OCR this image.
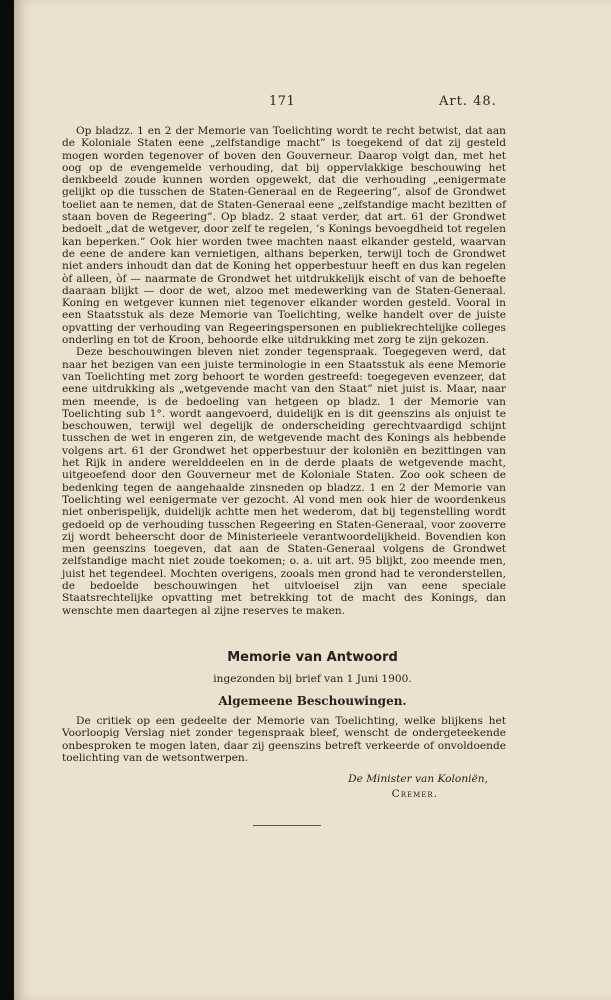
171	Art. 48.

Op bladzz. 1 en 2 der Memorie van Toelichting wordt te recht betwist, dat aan de Koloniale Staten eene „zelfstandige macht” is toegekend of dat zij gesteld mogen worden tegenover of boven den Gouverneur. Daarop volgt dan, met het oog op de evengemelde verhouding, dat bij oppervlakkige beschouwing het denkbeeld zoude kunnen worden opgewekt, dat die verhouding „eenigermate gelijkt op die tusschen de Staten-Generaal en de Regeering”, alsof de Grondwet toeliet aan te nemen, dat de Staten-Generaal eene „zelfstandige macht bezitten of staan boven de Regeering”. Op bladz. 2 staat verder, dat art. 61 der Grondwet bedoelt „dat de wetgever, door zelf te regelen, ’s Konings bevoegdheid tot regelen kan beperken.” Ook hier worden twee machten naast elkander gesteld, waarvan de eene de andere kan vernietigen, althans beperken, terwijl toch de Grondwet niet anders inhoudt dan dat de Koning het opperbestuur heeft en dus kan regelen òf alleen, òf — naarmate de Grondwet het uitdrukkelijk eischt of van de behoefte daaraan blijkt — door de wet, alzoo met medewerking van de Staten-Generaal. Koning en wetgever kunnen niet tegenover elkander worden gesteld. Vooral in een Staatsstuk als deze Memorie van Toelichting, welke handelt over de juiste opvatting der verhouding van Regeeringspersonen en publiekrechtelijke colleges onderling en tot de Kroon, behoorde elke uitdrukking met zorg te zijn gekozen.

Deze beschouwingen bleven niet zonder tegenspraak. Toegegeven werd, dat naar het bezigen van een juiste terminologie in een Staatsstuk als eene Memorie van Toelichting met zorg behoort te worden gestreefd: toegegeven evenzeer, dat eene uitdrukking als „wetgevende macht van den Staat” niet juist is. Maar, naar men meende, is de bedoeling van hetgeen op bladz. 1 der Memorie van Toelichting sub 1°. wordt aangevoerd, duidelijk en is dit geenszins als onjuist te beschouwen, terwijl wel degelijk de onderscheiding gerechtvaardigd schijnt tusschen de wet in engeren zin, de wetgevende macht des Konings als hebbende volgens art. 61 der Grondwet het opperbestuur der koloniën en bezittingen van het Rijk in andere werelddeelen en in de derde plaats de wetgevende macht, uitgeoefend door den Gouverneur met de Koloniale Staten. Zoo ook scheen de bedenking tegen de aangehaalde zinsneden op bladzz. 1 en 2 der Memorie van Toelichting wel eenigermate ver gezocht. Al vond men ook hier de woordenkeus niet onberispelijk, duidelijk achtte men het wederom, dat bij tegenstelling wordt gedoeld op de verhouding tusschen Regeering en Staten-Generaal, voor zooverre zij wordt beheerscht door de Ministerieele verantwoordelijkheid. Bovendien kon men geenszins toegeven, dat aan de Staten-Generaal volgens de Grondwet zelfstandige macht niet zoude toekomen; o. a. uit art. 95 blijkt, zoo meende men, juist het tegendeel. Mochten overigens, zooals men grond had te veronderstellen, de bedoelde beschouwingen het uitvloeisel zijn van eene speciale Staatsrechtelijke opvatting met betrekking tot de macht des Konings, dan wenschte men daartegen al zijne reserves te maken.

Memorie van Antwoord
ingezonden bij brief van 1 Juni 1900.
Algemeene Beschouwingen.

De critiek op een gedeelte der Memorie van Toelichting, welke blijkens het Voorloopig Verslag niet zonder tegenspraak bleef, wenscht de ondergeteekende onbesproken te mogen laten, daar zij geenszins betreft verkeerde of onvoldoende toelichting van de wetsontwerpen.

De Minister van Koloniën,
Cremer.
